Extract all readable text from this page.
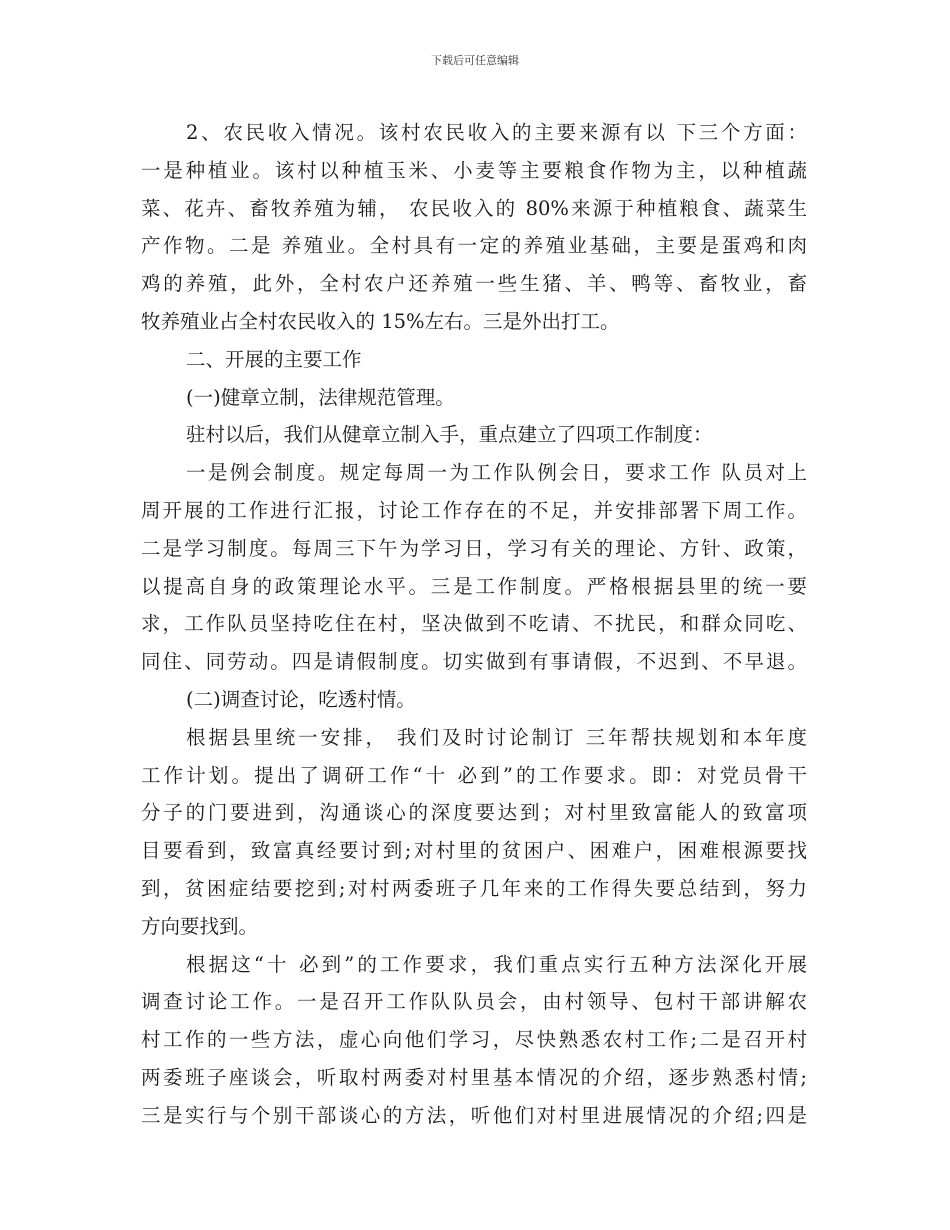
下载后可任意编辑
2、农民收入情况。该村农民收入的主要来源有以 下三个方面：
一是种植业。该村以种植玉米、小麦等主要粮食作物为主，以种植蔬
菜、花卉、畜牧养殖为辅， 农民收入的 80%来源于种植粮食、蔬菜生
产作物。二是 养殖业。全村具有一定的养殖业基础，主要是蛋鸡和肉
鸡的养殖，此外，全村农户还养殖一些生猪、羊、鸭等、畜牧业，畜
牧养殖业占全村农民收入的 15%左右。三是外出打工。
二、开展的主要工作
(一)健章立制，法律规范管理。
驻村以后，我们从健章立制入手，重点建立了四项工作制度：
一是例会制度。规定每周一为工作队例会日，要求工作 队员对上
周开展的工作进行汇报，讨论工作存在的不足，并安排部署下周工作。
二是学习制度。每周三下午为学习日，学习有关的理论、方针、政策，
以提高自身的政策理论水平。三是工作制度。严格根据县里的统一要
求，工作队员坚持吃住在村，坚决做到不吃请、不扰民，和群众同吃、
同住、同劳动。四是请假制度。切实做到有事请假，不迟到、不早退。
(二)调查讨论，吃透村情。
根据县里统一安排， 我们及时讨论制订 三年帮扶规划和本年度
工作计划。提出了调研工作“十 必到”的工作要求。即：对党员骨干
分子的门要进到，沟通谈心的深度要达到；对村里致富能人的致富项
目要看到，致富真经要讨到;对村里的贫困户、困难户，困难根源要找
到，贫困症结要挖到;对村两委班子几年来的工作得失要总结到，努力
方向要找到。
根据这“十 必到”的工作要求，我们重点实行五种方法深化开展
调查讨论工作。一是召开工作队队员会，由村领导、包村干部讲解农
村工作的一些方法，虚心向他们学习，尽快熟悉农村工作;二是召开村
两委班子座谈会，听取村两委对村里基本情况的介绍，逐步熟悉村情;
三是实行与个别干部谈心的方法，听他们对村里进展情况的介绍;四是
